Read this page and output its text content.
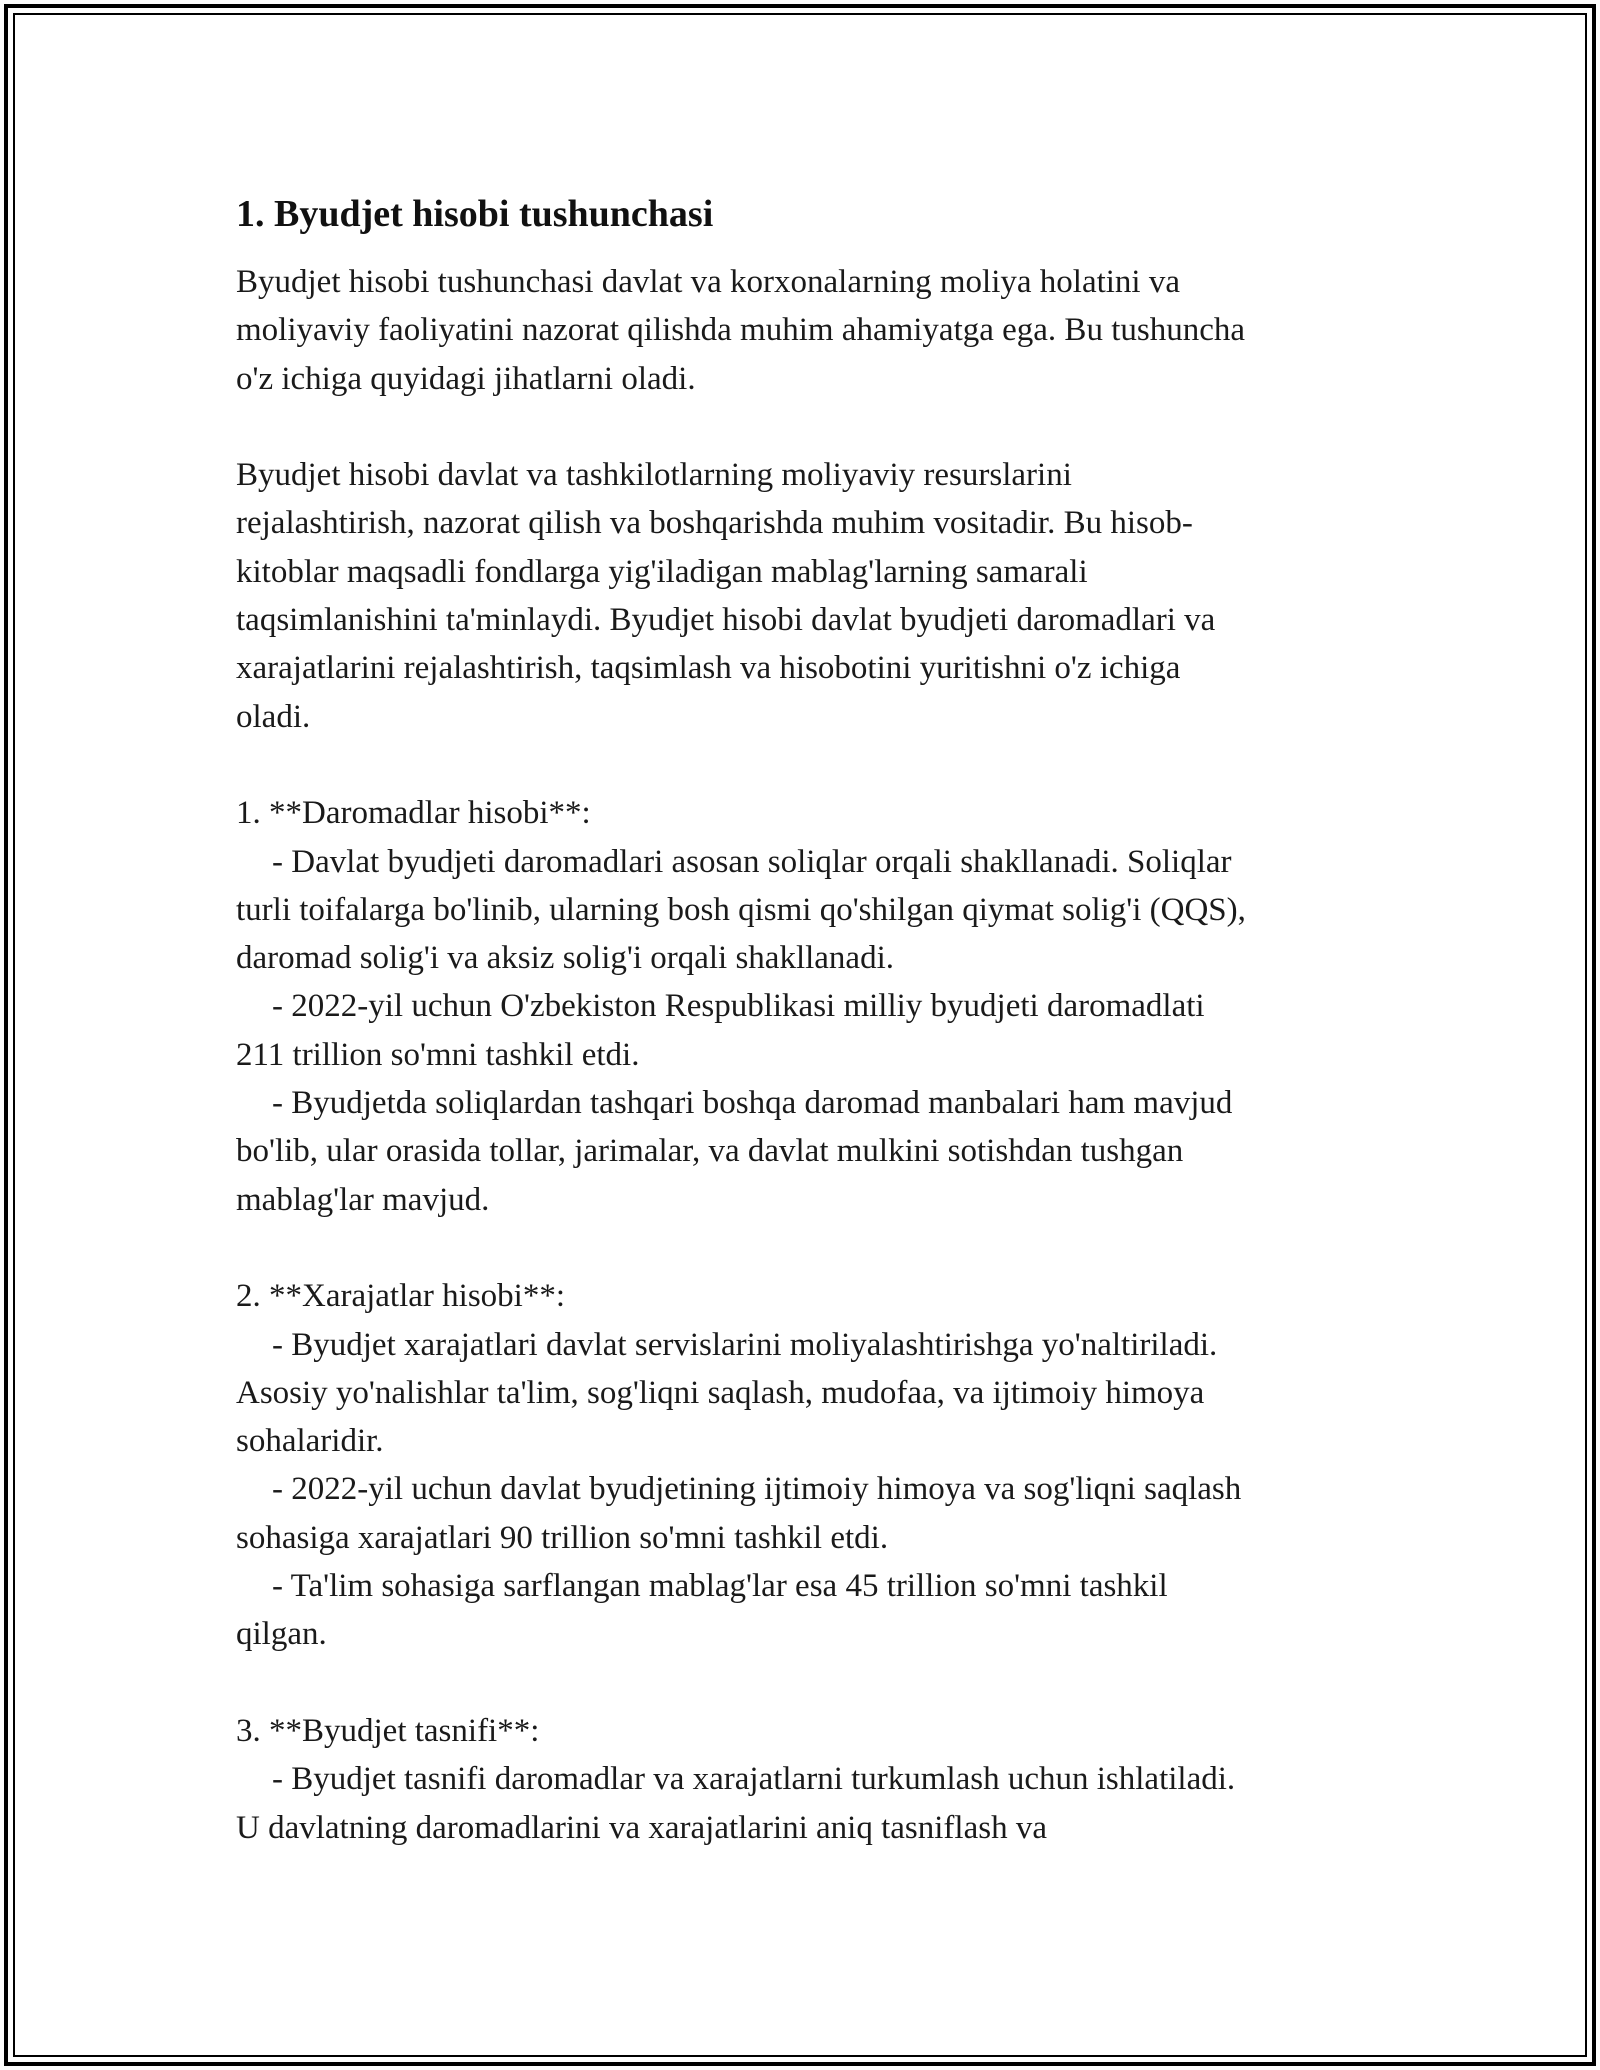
1. Byudjet hisobi tushunchasi

Byudjet hisobi tushunchasi davlat va korxonalarning moliya holatini va
moliyaviy faoliyatini nazorat qilishda muhim ahamiyatga ega. Bu tushuncha
o'z ichiga quyidagi jihatlarni oladi.

Byudjet hisobi davlat va tashkilotlarning moliyaviy resurslarini
rejalashtirish, nazorat qilish va boshqarishda muhim vositadir. Bu hisob-
kitoblar maqsadli fondlarga yig'iladigan mablag'larning samarali
taqsimlanishini ta'minlaydi. Byudjet hisobi davlat byudjeti daromadlari va
xarajatlarini rejalashtirish, taqsimlash va hisobotini yuritishni o'z ichiga
oladi.

1. **Daromadlar hisobi**:

- Davlat byudjeti daromadlari asosan soliqlar orqali shakllanadi. Soliqlar
turli toifalarga bo'linib, ularning bosh qismi qo'shilgan qiymat solig'i (QQS),
daromad solig'i va aksiz solig'i orqali shakllanadi.

- 2022-yil uchun O'zbekiston Respublikasi milliy byudjeti daromadlati
211 trillion so'mni tashkil etdi.

- Byudjetda soliqlardan tashqari boshqa daromad manbalari ham mavjud
bo'lib, ular orasida tollar, jarimalar, va davlat mulkini sotishdan tushgan
mablag'lar mavjud.

2. **Xarajatlar hisobi**:

- Byudjet xarajatlari davlat servislarini moliyalashtirishga yo'naltiriladi.
Asosiy yo'nalishlar ta'lim, sog'liqni saqlash, mudofaa, va ijtimoiy himoya
sohalaridir.

- 2022-yil uchun davlat byudjetining ijtimoiy himoya va sog'liqni saqlash
sohasiga xarajatlari 90 trillion so'mni tashkil etdi.

- Ta'lim sohasiga sarflangan mablag'lar esa 45 trillion so'mni tashkil
qilgan.

3. **Byudjet tasnifi**:

- Byudjet tasnifi daromadlar va xarajatlarni turkumlash uchun ishlatiladi.
U davlatning daromadlarini va xarajatlarini aniq tasniflash va
